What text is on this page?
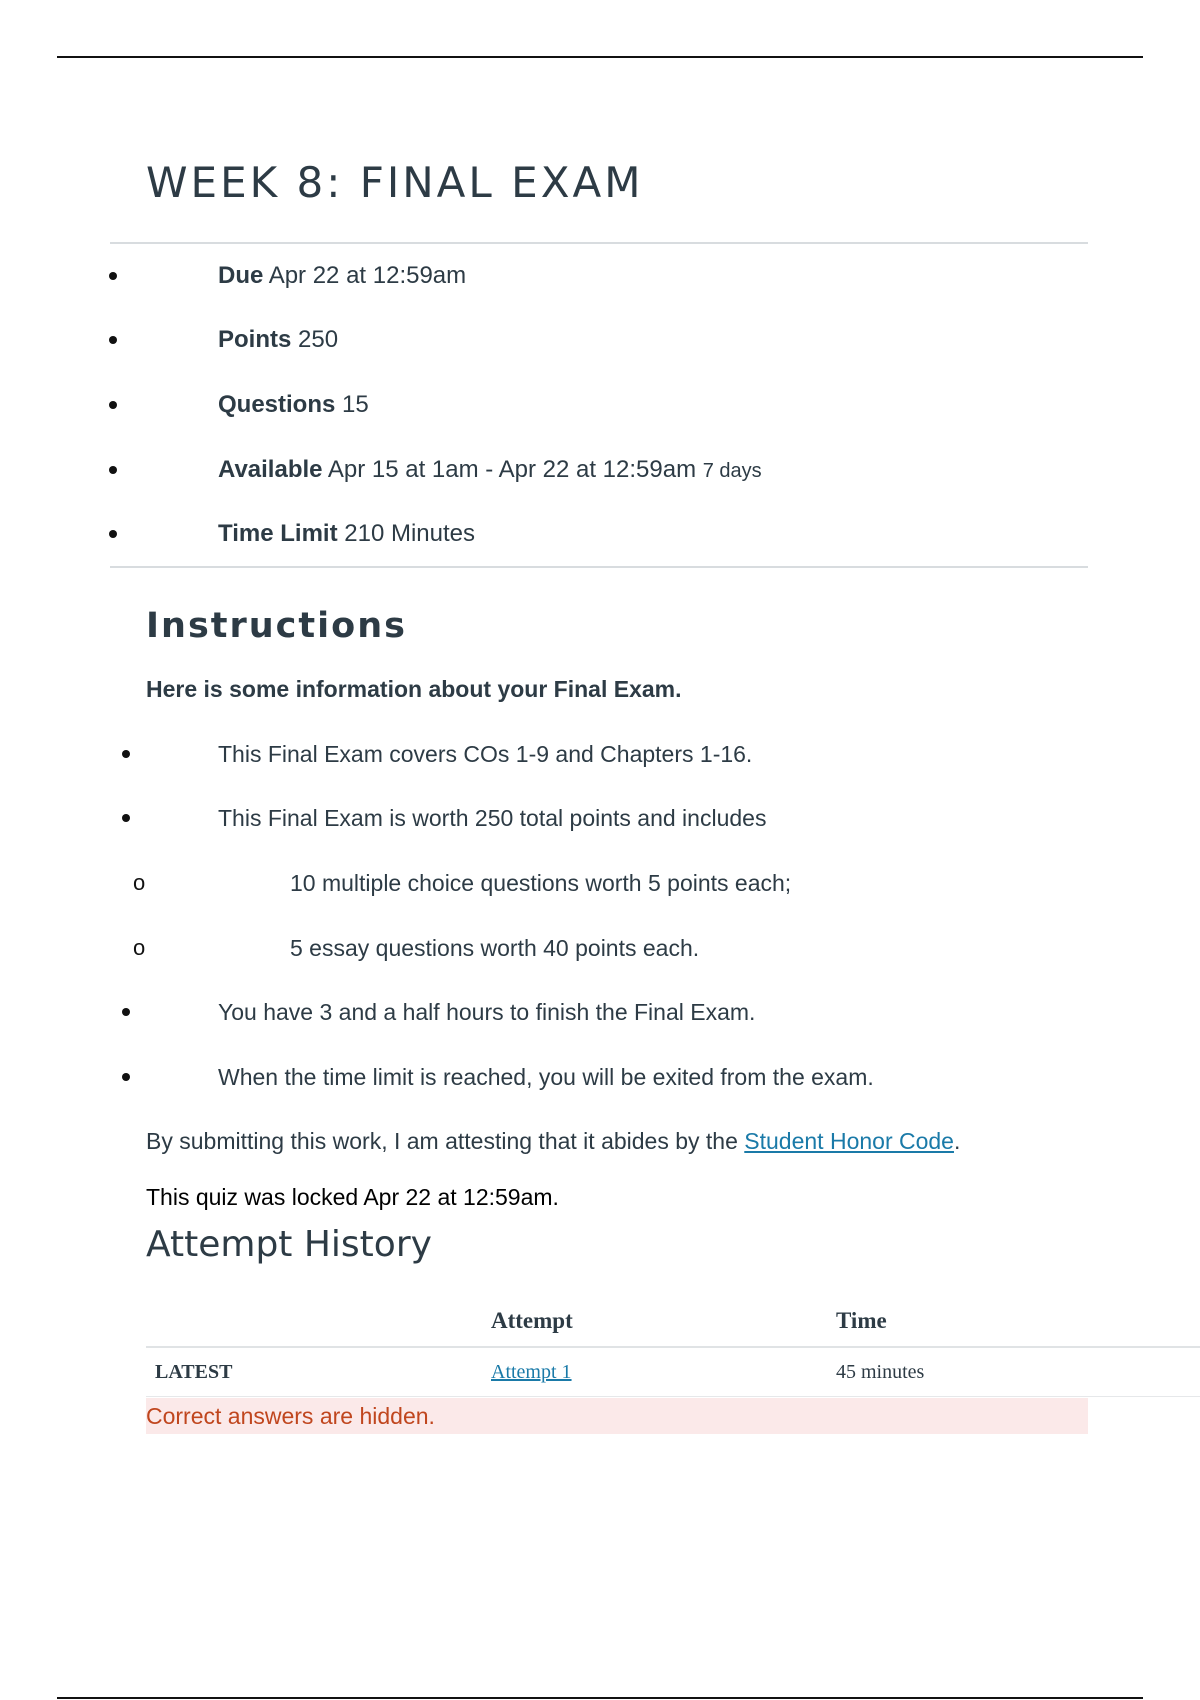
WEEK 8: FINAL EXAM
Due Apr 22 at 12:59am
Points 250
Questions 15
Available Apr 15 at 1am - Apr 22 at 12:59am 7 days
Time Limit 210 Minutes
Instructions
Here is some information about your Final Exam.
This Final Exam covers COs 1-9 and Chapters 1-16.
This Final Exam is worth 250 total points and includes
o	10 multiple choice questions worth 5 points each;
o	5 essay questions worth 40 points each.
You have 3 and a half hours to finish the Final Exam.
When the time limit is reached, you will be exited from the exam.
By submitting this work, I am attesting that it abides by the Student Honor Code.
This quiz was locked Apr 22 at 12:59am.
Attempt History
	Attempt	Time
LATEST	Attempt 1	45 minutes
Correct answers are hidden.
